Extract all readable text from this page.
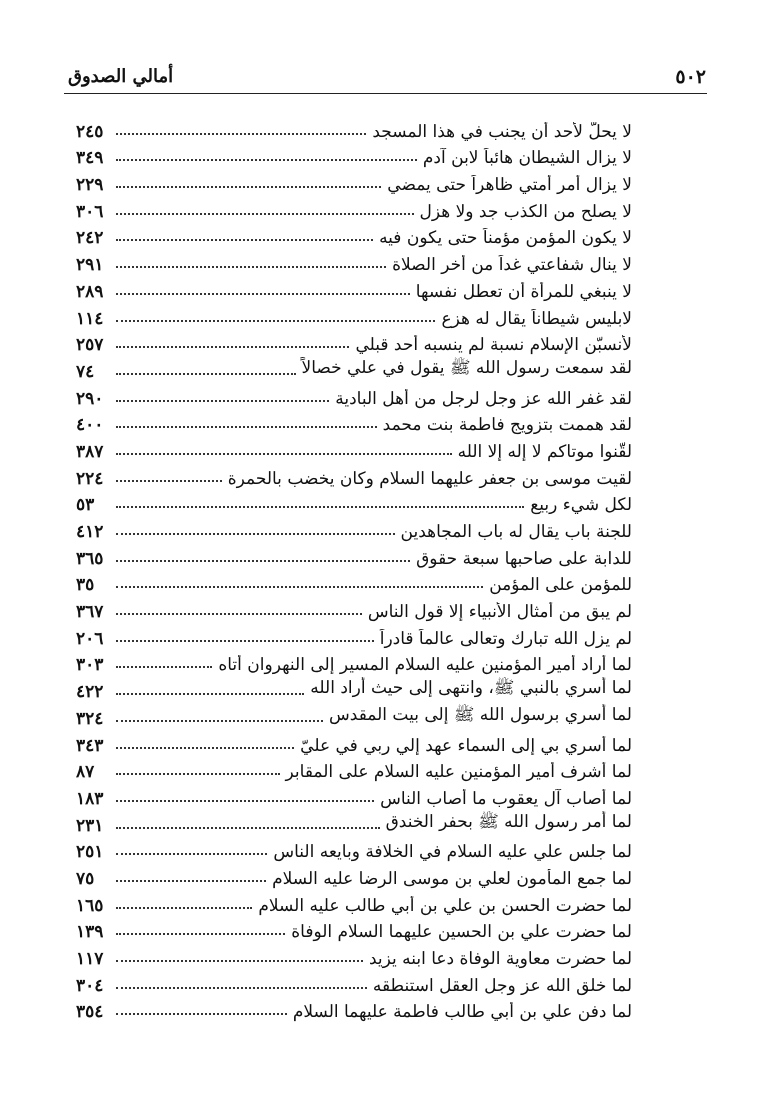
٥٠٢
أمالي الصدوق
لا يحلّ لأحد أن يجنب في هذا المسجد
٢٤٥
لا يزال الشيطان هائباً لابن آدم
٣٤٩
لا يزال أمر أمتي ظاهراً حتى يمضي
٢٢٩
لا يصلح من الكذب جد ولا هزل
٣٠٦
لا يكون المؤمن مؤمناً حتى يكون فيه
٢٤٢
لا ينال شفاعتي غداً من أخر الصلاة
٢٩١
لا ينبغي للمرأة أن تعطل نفسها
٢٨٩
لابليس شيطاناً يقال له هزع
١١٤
لأنسبّن الإسلام نسبة لم ينسبه أحد قبلي
٢٥٧
لقد سمعت رسول الله ﷺ يقول في علي خصالاً
٧٤
لقد غفر الله عز وجل لرجل من أهل البادية
٢٩٠
لقد هممت بتزويج فاطمة بنت محمد
٤٠٠
لقّنوا موتاكم لا إله إلا الله
٣٨٧
لقيت موسى بن جعفر عليهما السلام وكان يخضب بالحمرة
٢٢٤
لكل شيء ربيع
٥٣
للجنة باب يقال له باب المجاهدين
٤١٢
للدابة على صاحبها سبعة حقوق
٣٦٥
للمؤمن على المؤمن
٣٥
لم يبق من أمثال الأنبياء إلا قول الناس
٣٦٧
لم يزل الله تبارك وتعالى عالماً قادراً
٢٠٦
لما أراد أمير المؤمنين عليه السلام المسير إلى النهروان أتاه
٣٠٣
لما أسري بالنبي ﷺ، وانتهى إلى حيث أراد الله
٤٢٢
لما أسري برسول الله ﷺ إلى بيت المقدس
٣٢٤
لما أسري بي إلى السماء عهد إلي ربي في عليّ
٣٤٣
لما أشرف أمير المؤمنين عليه السلام على المقابر
٨٧
لما أصاب آل يعقوب ما أصاب الناس
١٨٣
لما أمر رسول الله ﷺ بحفر الخندق
٢٣١
لما جلس علي عليه السلام في الخلافة وبايعه الناس
٢٥١
لما جمع المأمون لعلي بن موسى الرضا عليه السلام
٧٥
لما حضرت الحسن بن علي بن أبي طالب عليه السلام
١٦٥
لما حضرت علي بن الحسين عليهما السلام الوفاة
١٣٩
لما حضرت معاوية الوفاة دعا ابنه يزيد
١١٧
لما خلق الله عز وجل العقل استنطقه
٣٠٤
لما دفن علي بن أبي طالب فاطمة عليهما السلام
٣٥٤
